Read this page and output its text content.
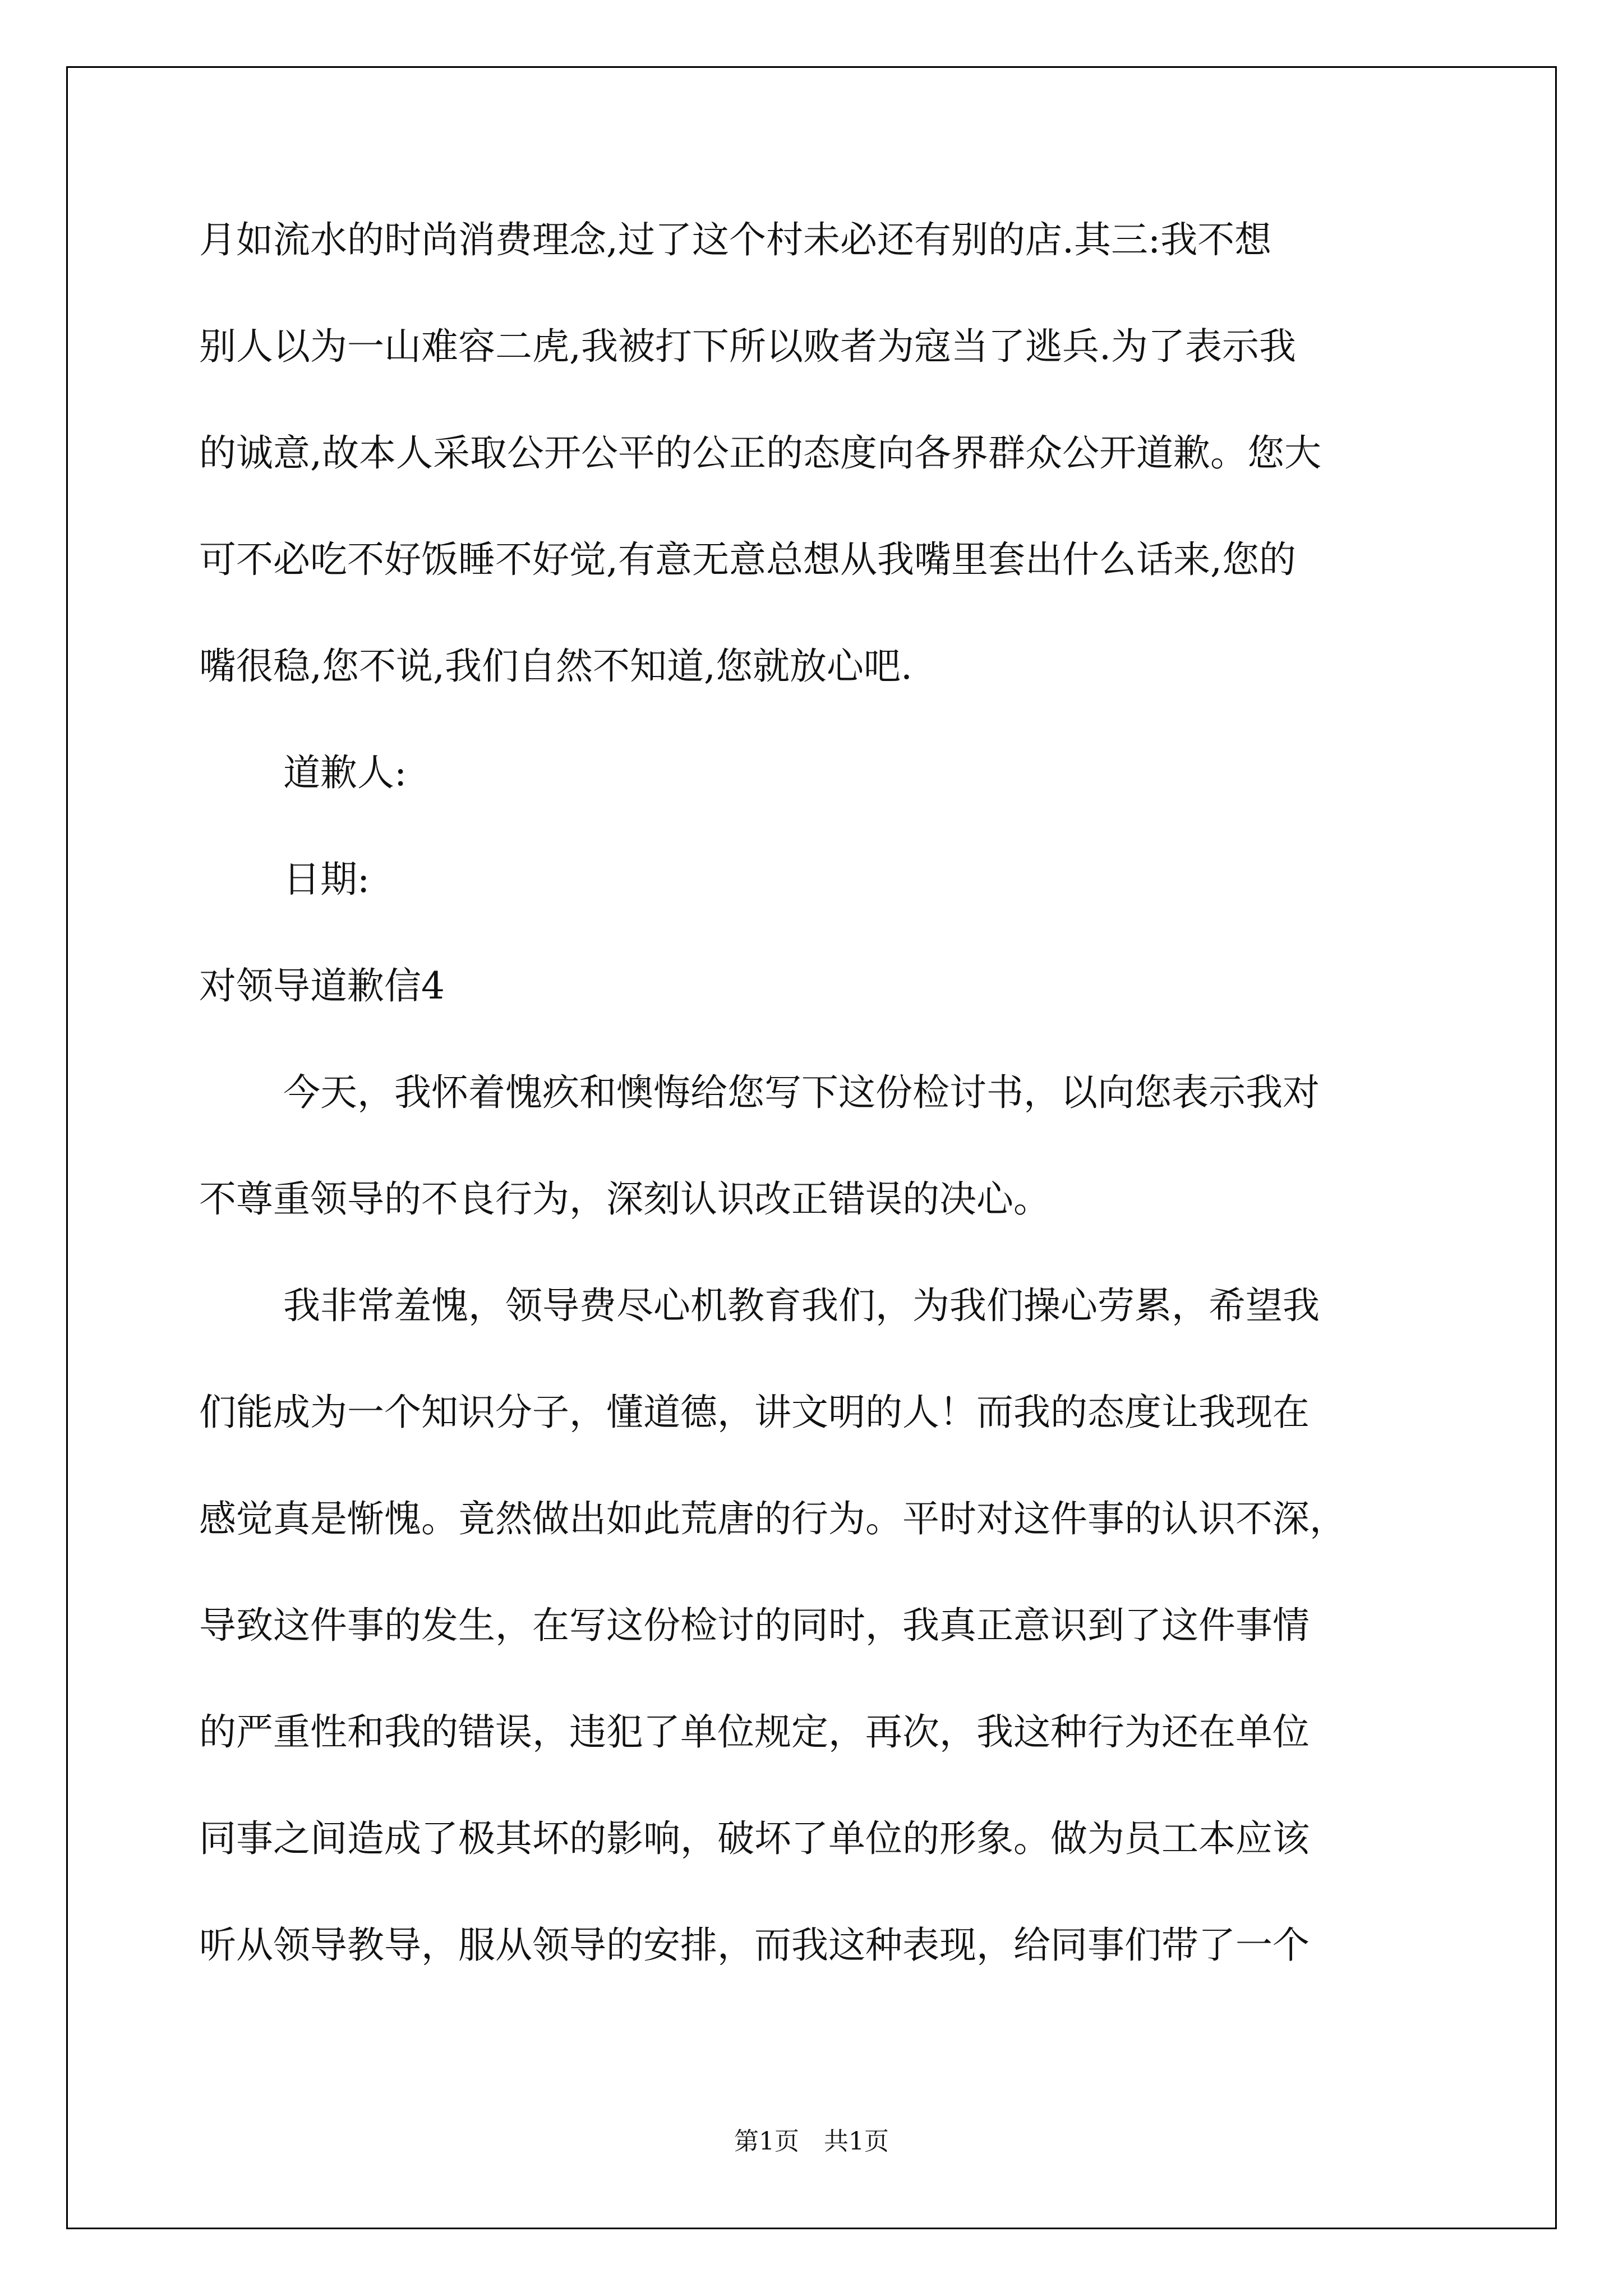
月如流水的时尚消费理念,过了这个村未必还有别的店.其三:我不想
别人以为一山难容二虎,我被打下所以败者为寇当了逃兵.为了表示我
的诚意,故本人采取公开公平的公正的态度向各界群众公开道歉。您大
可不必吃不好饭睡不好觉,有意无意总想从我嘴里套出什么话来,您的
嘴很稳,您不说,我们自然不知道,您就放心吧.
道歉人:
日期:
对领导道歉信4
今天，我怀着愧疚和懊悔给您写下这份检讨书，以向您表示我对
不尊重领导的不良行为，深刻认识改正错误的决心。
我非常羞愧，领导费尽心机教育我们，为我们操心劳累，希望我
们能成为一个知识分子，懂道德，讲文明的人！而我的态度让我现在
感觉真是惭愧。竟然做出如此荒唐的行为。平时对这件事的认识不深，
导致这件事的发生，在写这份检讨的同时，我真正意识到了这件事情
的严重性和我的错误，违犯了单位规定，再次，我这种行为还在单位
同事之间造成了极其坏的影响，破坏了单位的形象。做为员工本应该
听从领导教导，服从领导的安排，而我这种表现，给同事们带了一个
第1页　共1页
